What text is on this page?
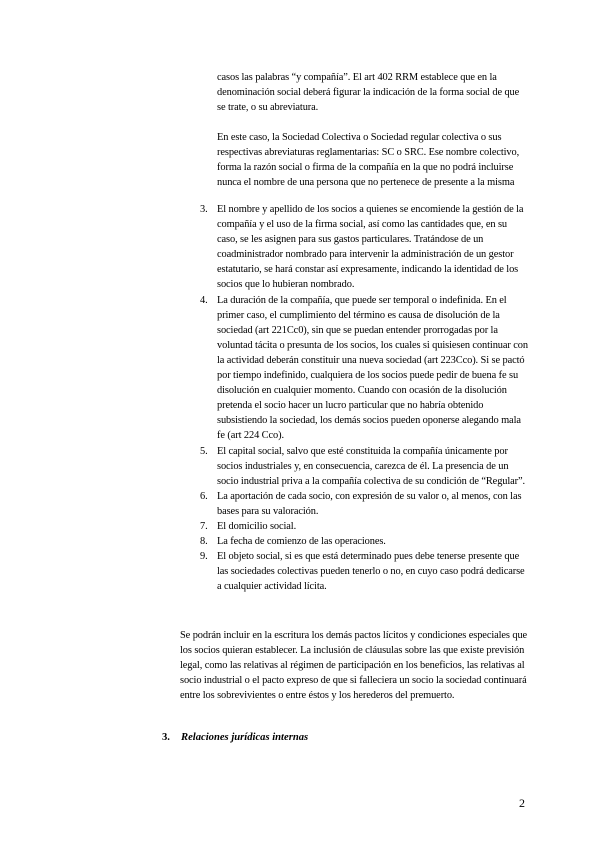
casos las palabras “y compañía”. El art 402 RRM establece que en la denominación social deberá figurar la indicación de la forma social de que se trate, o su abreviatura.

En este caso, la Sociedad Colectiva o Sociedad regular colectiva o sus respectivas abreviaturas reglamentarias: SC o SRC. Ese nombre colectivo, forma la razón social o firma de la compañía en la que no podrá incluirse nunca el nombre de una persona que no pertenece de presente a la misma

3. El nombre y apellido de los socios a quienes se encomiende la gestión de la compañía y el uso de la firma social, así como las cantidades que, en su caso, se les asignen para sus gastos particulares. Tratándose de un coadministrador nombrado para intervenir la administración de un gestor estatutario, se hará constar así expresamente, indicando la identidad de los socios que lo hubieran nombrado.
4. La duración de la compañía, que puede ser temporal o indefinida. En el primer caso, el cumplimiento del término es causa de disolución de la sociedad (art 221Cc0), sin que se puedan entender prorrogadas por la voluntad tácita o presunta de los socios, los cuales si quisiesen continuar con la actividad deberán constituir una nueva sociedad (art 223Cco). Si se pactó por tiempo indefinido, cualquiera de los socios puede pedir de buena fe su disolución en cualquier momento. Cuando con ocasión de la disolución pretenda el socio hacer un lucro particular que no habría obtenido subsistiendo la sociedad, los demás socios pueden oponerse alegando mala fe (art 224 Cco).
5. El capital social, salvo que esté constituida la compañía únicamente por socios industriales y, en consecuencia, carezca de él. La presencia de un socio industrial priva a la compañía colectiva de su condición de “Regular”.
6. La aportación de cada socio, con expresión de su valor o, al menos, con las bases para su valoración.
7. El domicilio social.
8. La fecha de comienzo de las operaciones.
9. El objeto social, si es que está determinado pues debe tenerse presente que las sociedades colectivas pueden tenerlo o no, en cuyo caso podrá dedicarse a cualquier actividad lícita.

Se podrán incluir en la escritura los demás pactos lícitos y condiciones especiales que los socios quieran establecer. La inclusión de cláusulas sobre las que existe previsión legal, como las relativas al régimen de participación en los beneficios, las relativas al socio industrial o el pacto expreso de que si falleciera un socio la sociedad continuará entre los sobrevivientes o entre éstos y los herederos del premuerto.

3. Relaciones jurídicas internas
2
